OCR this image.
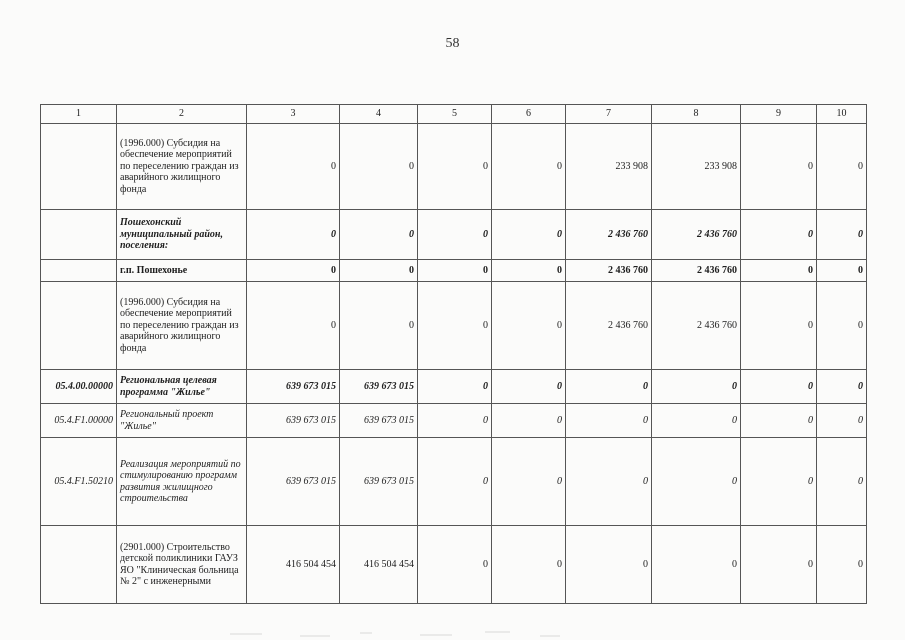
58
1	2	3	4	5	6	7	8	9	10
	(1996.000) Субсидия на обеспечение мероприятий по переселению граждан из аварийного жилищного фонда	0	0	0	0	233 908	233 908	0	0
	Пошехонский муниципальный район, поселения:	0	0	0	0	2 436 760	2 436 760	0	0
	г.п. Пошехонье	0	0	0	0	2 436 760	2 436 760	0	0
	(1996.000) Субсидия на обеспечение мероприятий по переселению граждан из аварийного жилищного фонда	0	0	0	0	2 436 760	2 436 760	0	0
05.4.00.00000	Региональная целевая программа "Жилье"	639 673 015	639 673 015	0	0	0	0	0	0
05.4.F1.00000	Региональный проект "Жилье"	639 673 015	639 673 015	0	0	0	0	0	0
05.4.F1.50210	Реализация мероприятий по стимулированию программ развития жилищного строительства	639 673 015	639 673 015	0	0	0	0	0	0
	(2901.000) Строительство детской поликлиники ГАУЗ ЯО "Клиническая больница № 2" с инженерными	416 504 454	416 504 454	0	0	0	0	0	0
